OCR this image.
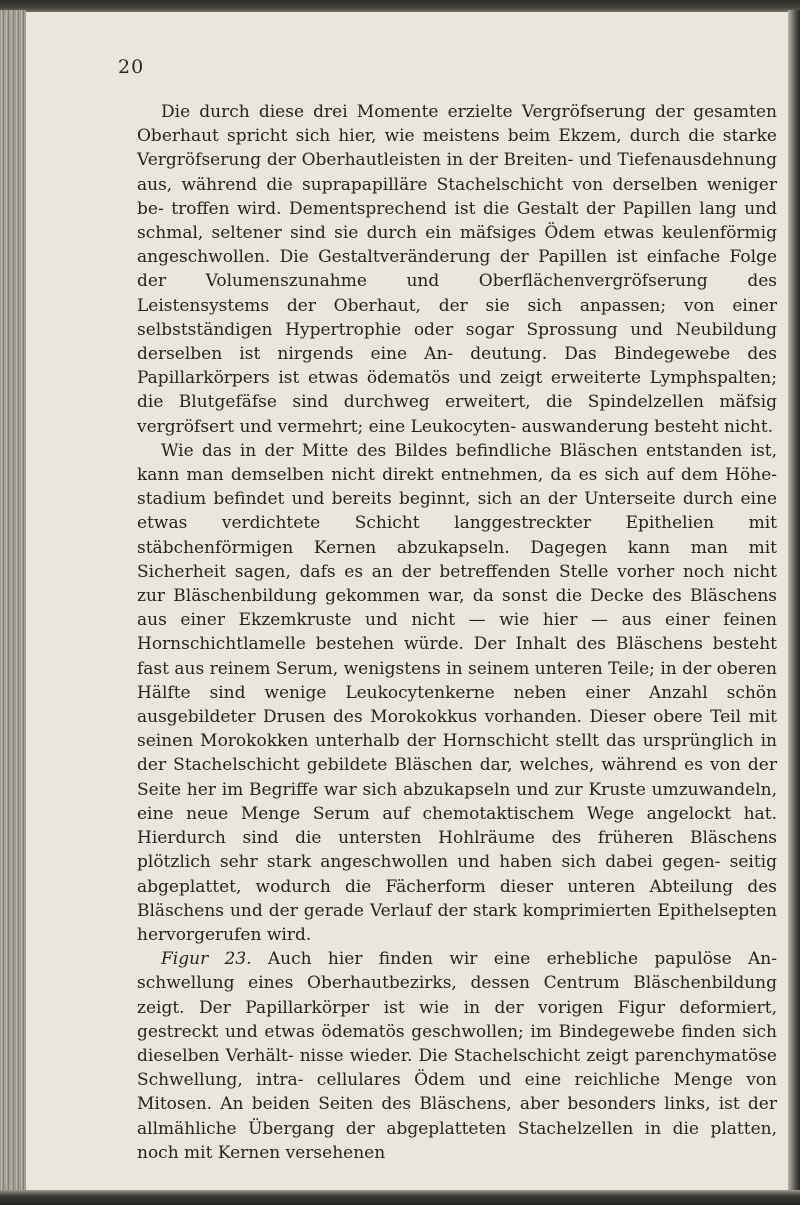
20

Die durch diese drei Momente erzielte Vergröfserung der gesamten Oberhaut spricht sich hier, wie meistens beim Ekzem, durch die starke Vergröfserung der Oberhautleisten in der Breiten- und Tiefenausdehnung aus, während die suprapapilläre Stachelschicht von derselben weniger be- troffen wird. Dementsprechend ist die Gestalt der Papillen lang und schmal, seltener sind sie durch ein mäfsiges Ödem etwas keulenförmig angeschwollen. Die Gestaltveränderung der Papillen ist einfache Folge der Volumenszunahme und Oberflächenvergröfserung des Leistensystems der Oberhaut, der sie sich anpassen; von einer selbstständigen Hypertrophie oder sogar Sprossung und Neubildung derselben ist nirgends eine An- deutung. Das Bindegewebe des Papillarkörpers ist etwas ödematös und zeigt erweiterte Lymphspalten; die Blutgefäfse sind durchweg erweitert, die Spindelzellen mäfsig vergröfsert und vermehrt; eine Leukocyten- auswanderung besteht nicht.

Wie das in der Mitte des Bildes befindliche Bläschen entstanden ist, kann man demselben nicht direkt entnehmen, da es sich auf dem Höhe- stadium befindet und bereits beginnt, sich an der Unterseite durch eine etwas verdichtete Schicht langgestreckter Epithelien mit stäbchenförmigen Kernen abzukapseln. Dagegen kann man mit Sicherheit sagen, dafs es an der betreffenden Stelle vorher noch nicht zur Bläschenbildung gekommen war, da sonst die Decke des Bläschens aus einer Ekzemkruste und nicht — wie hier — aus einer feinen Hornschichtlamelle bestehen würde. Der Inhalt des Bläschens besteht fast aus reinem Serum, wenigstens in seinem unteren Teile; in der oberen Hälfte sind wenige Leukocytenkerne neben einer Anzahl schön ausgebildeter Drusen des Morokokkus vorhanden. Dieser obere Teil mit seinen Morokokken unterhalb der Hornschicht stellt das ursprünglich in der Stachelschicht gebildete Bläschen dar, welches, während es von der Seite her im Begriffe war sich abzukapseln und zur Kruste umzuwandeln, eine neue Menge Serum auf chemotaktischem Wege angelockt hat. Hierdurch sind die untersten Hohlräume des früheren Bläschens plötzlich sehr stark angeschwollen und haben sich dabei gegen- seitig abgeplattet, wodurch die Fächerform dieser unteren Abteilung des Bläschens und der gerade Verlauf der stark komprimierten Epithelsepten hervorgerufen wird.

Figur 23. Auch hier finden wir eine erhebliche papulöse An- schwellung eines Oberhautbezirks, dessen Centrum Bläschenbildung zeigt. Der Papillarkörper ist wie in der vorigen Figur deformiert, gestreckt und etwas ödematös geschwollen; im Bindegewebe finden sich dieselben Verhält- nisse wieder. Die Stachelschicht zeigt parenchymatöse Schwellung, intra- cellulares Ödem und eine reichliche Menge von Mitosen. An beiden Seiten des Bläschens, aber besonders links, ist der allmähliche Übergang der abgeplatteten Stachelzellen in die platten, noch mit Kernen versehenen
